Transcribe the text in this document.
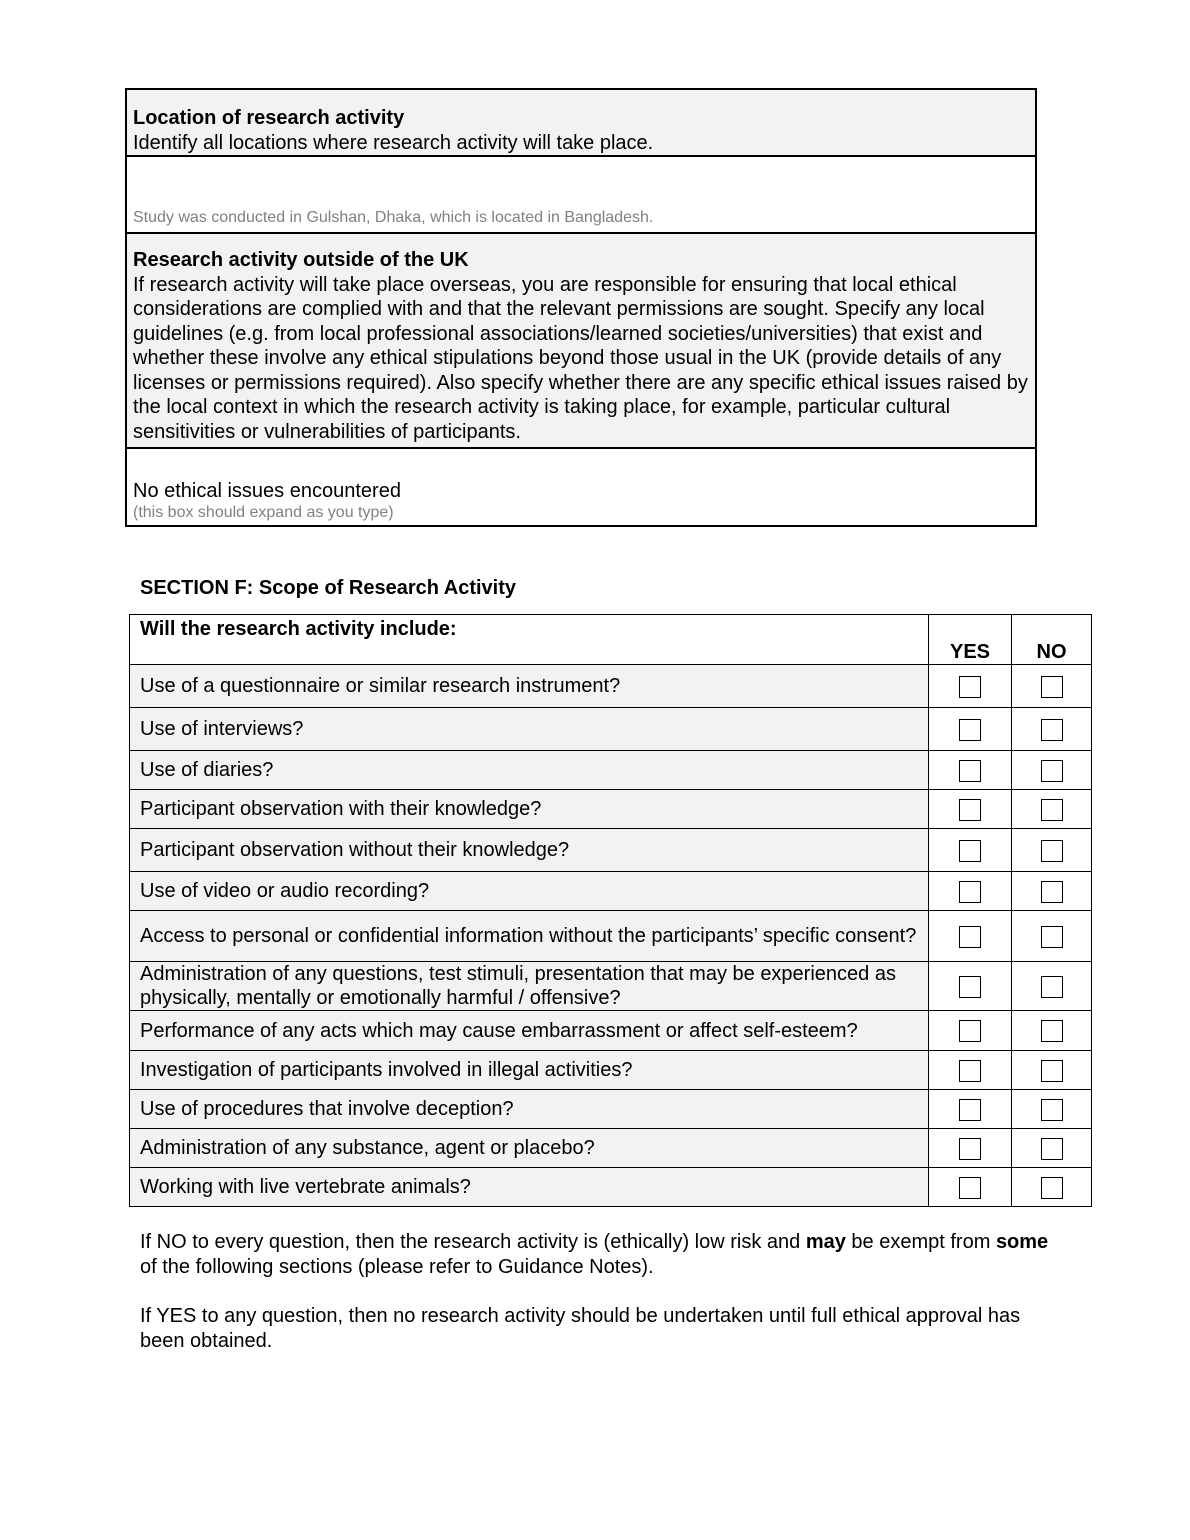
Location of research activity
Identify all locations where research activity will take place.

Study was conducted in Gulshan, Dhaka, which is located in Bangladesh.

Research activity outside of the UK
If research activity will take place overseas, you are responsible for ensuring that local ethical considerations are complied with and that the relevant permissions are sought. Specify any local guidelines (e.g. from local professional associations/learned societies/universities) that exist and whether these involve any ethical stipulations beyond those usual in the UK (provide details of any licenses or permissions required). Also specify whether there are any specific ethical issues raised by the local context in which the research activity is taking place, for example, particular cultural sensitivities or vulnerabilities of participants.

No ethical issues encountered
(this box should expand as you type)
SECTION F: Scope of Research Activity
Will the research activity include:	YES	NO
Use of a questionnaire or similar research instrument?		
Use of interviews?		
Use of diaries?		
Participant observation with their knowledge?		
Participant observation without their knowledge?		
Use of video or audio recording?		
Access to personal or confidential information without the participants’ specific consent?		
Administration of any questions, test stimuli, presentation that may be experienced as physically, mentally or emotionally harmful / offensive?		
Performance of any acts which may cause embarrassment or affect self-esteem?		
Investigation of participants involved in illegal activities?		
Use of procedures that involve deception?		
Administration of any substance, agent or placebo?		
Working with live vertebrate animals?		

If NO to every question, then the research activity is (ethically) low risk and may be exempt from some of the following sections (please refer to Guidance Notes).

If YES to any question, then no research activity should be undertaken until full ethical approval has been obtained.
